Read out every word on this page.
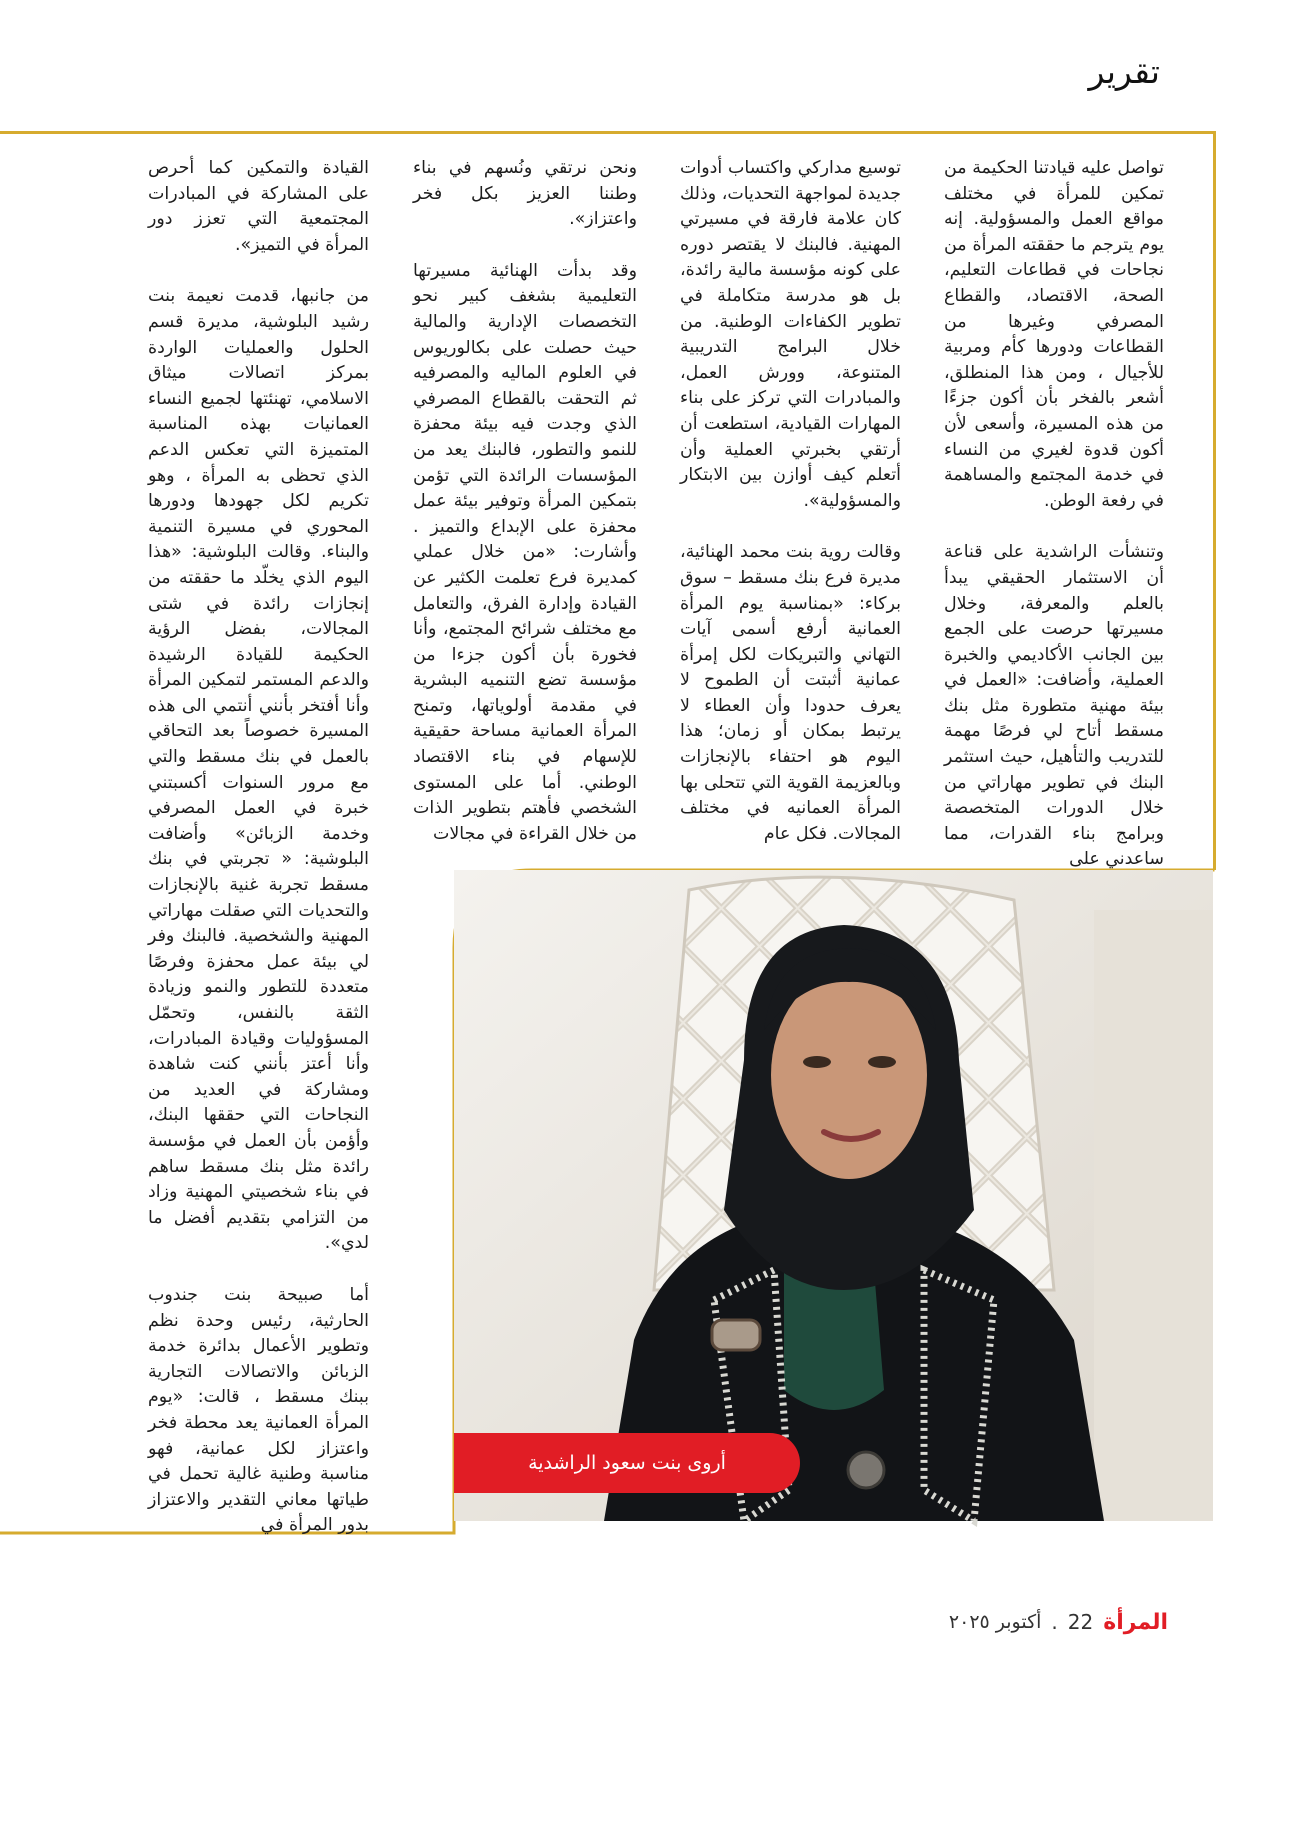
تقرير

تواصل عليه قيادتنا الحكيمة من تمكين للمرأة في مختلف مواقع العمل والمسؤولية. إنه يوم يترجم ما حققته المرأة من نجاحات في قطاعات التعليم، الصحة، الاقتصاد، والقطاع المصرفي وغيرها من القطاعات ودورها كأم ومربية للأجيال ، ومن هذا المنطلق، أشعر بالفخر بأن أكون جزءًا من هذه المسيرة، وأسعى لأن أكون قدوة لغيري من النساء في خدمة المجتمع والمساهمة في رفعة الوطن.

وتنشأت الراشدية على قناعة أن الاستثمار الحقيقي يبدأ بالعلم والمعرفة، وخلال مسيرتها حرصت على الجمع بين الجانب الأكاديمي والخبرة العملية، وأضافت: «العمل في بيئة مهنية متطورة مثل بنك مسقط أتاح لي فرصًا مهمة للتدريب والتأهيل، حيث استثمر البنك في تطوير مهاراتي من خلال الدورات المتخصصة وبرامج بناء القدرات، مما ساعدني على

توسيع مداركي واكتساب أدوات جديدة لمواجهة التحديات، وذلك كان علامة فارقة في مسيرتي المهنية. فالبنك لا يقتصر دوره على كونه مؤسسة مالية رائدة، بل هو مدرسة متكاملة في تطوير الكفاءات الوطنية. من خلال البرامج التدريبية المتنوعة، وورش العمل، والمبادرات التي تركز على بناء المهارات القيادية، استطعت أن أرتقي بخبرتي العملية وأن أتعلم كيف أوازن بين الابتكار والمسؤولية».

وقالت روية بنت محمد الهنائية، مديرة فرع بنك مسقط – سوق بركاء: «بمناسبة يوم المرأة العمانية أرفع أسمى آيات التهاني والتبريكات لكل إمرأة عمانية أثبتت أن الطموح لا يعرف حدودا وأن العطاء لا يرتبط بمكان أو زمان؛ هذا اليوم هو احتفاء بالإنجازات وبالعزيمة القوية التي تتحلى بها المرأة العمانيه في مختلف المجالات. فكل عام

ونحن نرتقي ونُسهم في بناء وطننا العزيز بكل فخر واعتزاز».

وقد بدأت الهنائية مسيرتها التعليمية بشغف كبير نحو التخصصات الإدارية والمالية حيث حصلت على بكالوريوس في العلوم الماليه والمصرفيه ثم التحقت بالقطاع المصرفي الذي وجدت فيه بيئة محفزة للنمو والتطور، فالبنك يعد من المؤسسات الرائدة التي تؤمن بتمكين المرأة وتوفير بيئة عمل محفزة على الإبداع والتميز . وأشارت: «من خلال عملي كمديرة فرع تعلمت الكثير عن القيادة وإدارة الفرق، والتعامل مع مختلف شرائح المجتمع، وأنا فخورة بأن أكون جزءا من مؤسسة تضع التنميه البشرية في مقدمة أولوياتها، وتمنح المرأة العمانية مساحة حقيقية للإسهام في بناء الاقتصاد الوطني. أما على المستوى الشخصي فأهتم بتطوير الذات من خلال القراءة في مجالات

القيادة والتمكين كما أحرص على المشاركة في المبادرات المجتمعية التي تعزز دور المرأة في التميز».

من جانبها، قدمت نعيمة بنت رشيد البلوشية، مديرة قسم الحلول والعمليات الواردة بمركز اتصالات ميثاق الاسلامي، تهنئتها لجميع النساء العمانيات بهذه المناسبة المتميزة التي تعكس الدعم الذي تحظى به المرأة ، وهو تكريم لكل جهودها ودورها المحوري في مسيرة التنمية والبناء. وقالت البلوشية: «هذا اليوم الذي يخلّد ما حققته من إنجازات رائدة في شتى المجالات، بفضل الرؤية الحكيمة للقيادة الرشيدة والدعم المستمر لتمكين المرأة وأنا أفتخر بأنني أنتمي الى هذه المسيرة خصوصاً بعد التحاقي بالعمل في بنك مسقط والتي مع مرور السنوات أكسبتني خبرة في العمل المصرفي وخدمة الزبائن» وأضافت البلوشية: « تجربتي في بنك مسقط تجربة غنية بالإنجازات والتحديات التي صقلت مهاراتي المهنية والشخصية. فالبنك وفر لي بيئة عمل محفزة وفرصًا متعددة للتطور والنمو وزيادة الثقة بالنفس، وتحمّل المسؤوليات وقيادة المبادرات، وأنا أعتز بأنني كنت شاهدة ومشاركة في العديد من النجاحات التي حققها البنك، وأؤمن بأن العمل في مؤسسة رائدة مثل بنك مسقط ساهم في بناء شخصيتي المهنية وزاد من التزامي بتقديم أفضل ما لدي».

أما صبيحة بنت جندوب الحارثية، رئيس وحدة نظم وتطوير الأعمال بدائرة خدمة الزبائن والاتصالات التجارية ببنك مسقط ، قالت: «يوم المرأة العمانية يعد محطة فخر واعتزاز لكل عمانية، فهو مناسبة وطنية غالية تحمل في طياتها معاني التقدير والاعتزاز بدور المرأة في

أروى بنت سعود الراشدية
أكتوبر ٢٠٢٥ . 22 المرأة
